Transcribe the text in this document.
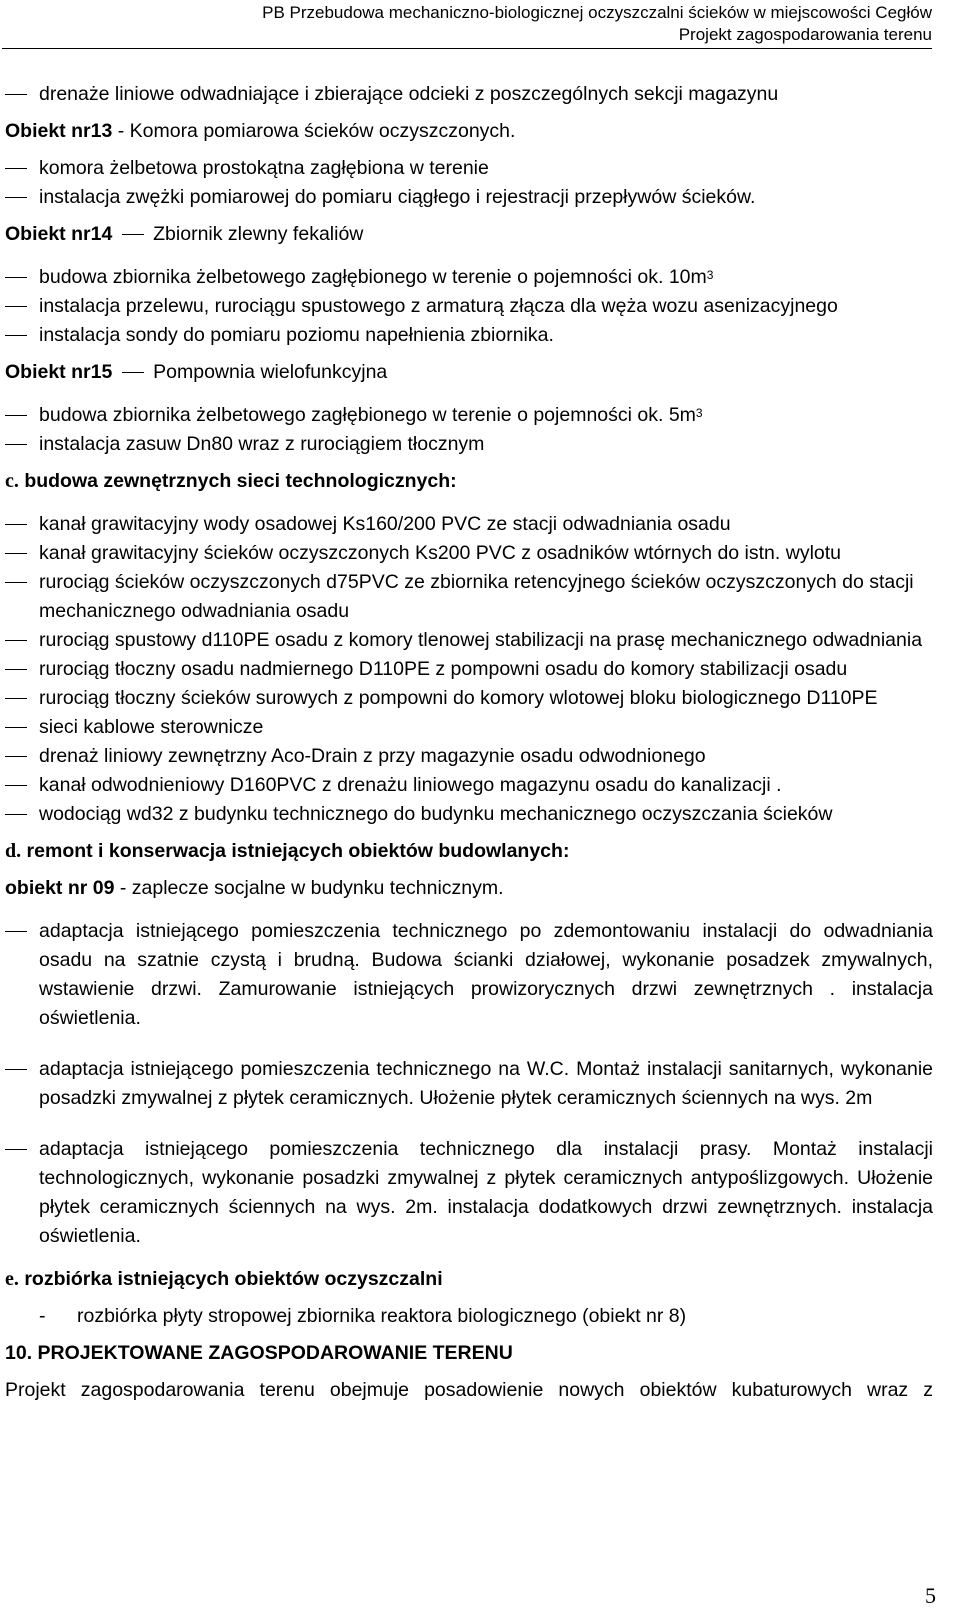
PB Przebudowa mechaniczno-biologicznej oczyszczalni ścieków w miejscowości Cegłów
Projekt zagospodarowania terenu
drenaże liniowe odwadniające i zbierające odcieki z poszczególnych sekcji magazynu
Obiekt nr13 - Komora pomiarowa ścieków oczyszczonych.
komora żelbetowa prostokątna zagłębiona w terenie
instalacja zwężki pomiarowej do pomiaru ciągłego i rejestracji przepływów ścieków.
Obiekt nr14 Zbiornik zlewny fekaliów
budowa zbiornika żelbetowego zagłębionego w terenie o pojemności ok. $10m^3$
instalacja przelewu, rurociągu spustowego z armaturą złącza dla węża wozu asenizacyjnego
instalacja sondy do pomiaru poziomu napełnienia zbiornika.
Obiekt nr15 Pompownia wielofunkcyjna
budowa zbiornika żelbetowego zagłębionego w terenie o pojemności ok. $5m^3$
instalacja zasuw Dn80 wraz z rurociągiem tłocznym
c. budowa zewnętrznych sieci technologicznych:
kanał grawitacyjny wody osadowej Ks160/200 PVC ze stacji odwadniania osadu
kanał grawitacyjny ścieków oczyszczonych Ks200 PVC z osadników wtórnych do istn. wylotu
rurociąg ścieków oczyszczonych d75PVC ze zbiornika retencyjnego ścieków oczyszczonych do stacji mechanicznego odwadniania osadu
rurociąg spustowy d110PE osadu z komory tlenowej stabilizacji na prasę mechanicznego odwadniania
rurociąg tłoczny osadu nadmiernego D110PE z pompowni osadu do komory stabilizacji osadu
rurociąg tłoczny ścieków surowych z pompowni do komory wlotowej bloku biologicznego D110PE
sieci kablowe sterownicze
drenaż liniowy zewnętrzny Aco-Drain z przy magazynie osadu odwodnionego
kanał odwodnieniowy D160PVC z drenażu liniowego magazynu osadu do kanalizacji .
wodociąg wd32 z budynku technicznego do budynku mechanicznego oczyszczania ścieków
d. remont i konserwacja istniejących obiektów budowlanych:
obiekt nr 09 - zaplecze socjalne w budynku technicznym.
adaptacja istniejącego pomieszczenia technicznego po zdemontowaniu instalacji do odwadniania osadu na szatnie czystą i brudną. Budowa ścianki działowej, wykonanie posadzek zmywalnych, wstawienie drzwi. Zamurowanie istniejących prowizorycznych drzwi zewnętrznych . instalacja oświetlenia.
adaptacja istniejącego pomieszczenia technicznego na W.C. Montaż instalacji sanitarnych, wykonanie posadzki zmywalnej z płytek ceramicznych. Ułożenie płytek ceramicznych ściennych na wys. 2m
adaptacja istniejącego pomieszczenia technicznego dla instalacji prasy. Montaż instalacji technologicznych, wykonanie posadzki zmywalnej z płytek ceramicznych antypoślizgowych. Ułożenie płytek ceramicznych ściennych na wys. 2m. instalacja dodatkowych drzwi zewnętrznych. instalacja oświetlenia.
e. rozbiórka istniejących obiektów oczyszczalni
- rozbiórka płyty stropowej zbiornika reaktora biologicznego (obiekt nr 8)
10. PROJEKTOWANE ZAGOSPODAROWANIE TERENU
Projekt zagospodarowania terenu obejmuje posadowienie nowych obiektów kubaturowych wraz z
5
